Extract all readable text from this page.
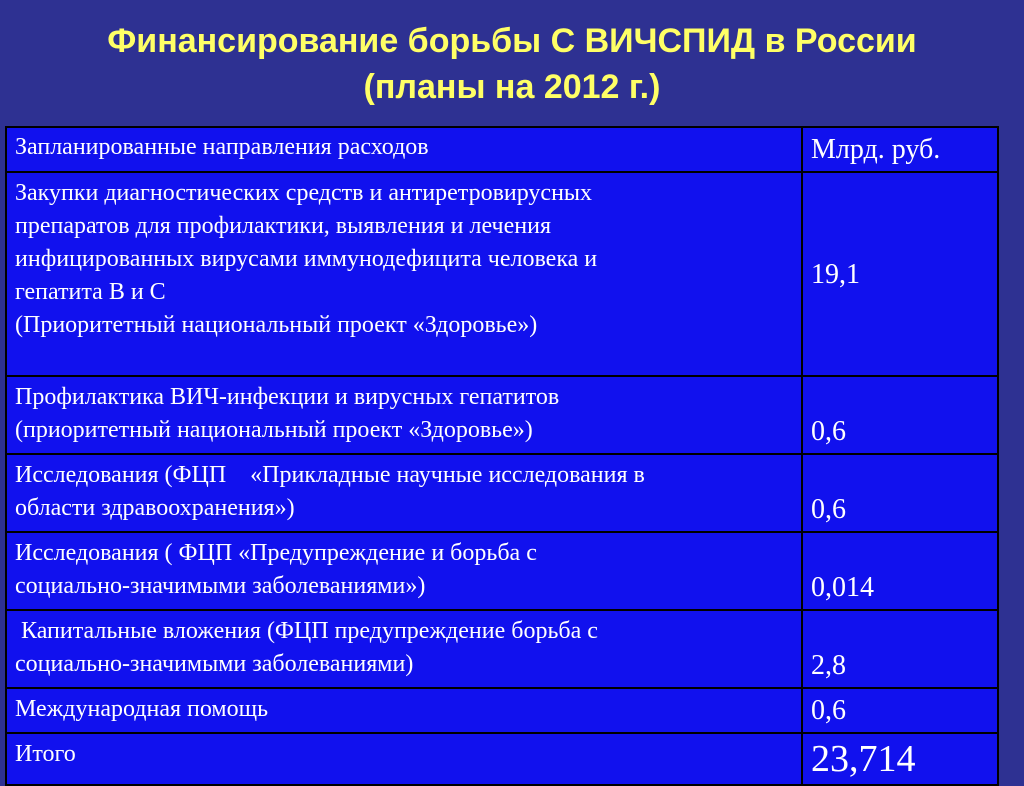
Финансирование борьбы С ВИЧСПИД в России
(планы на 2012 г.)
Запланированные направления расходов	Млрд. руб.

Закупки диагностических средств и антиретровирусных
препаратов для профилактики, выявления и лечения
инфицированных вирусами иммунодефицита человека и
гепатита В и С
(Приоритетный национальный проект «Здоровье»)	19,1

Профилактика ВИЧ-инфекции и вирусных гепатитов
(приоритетный национальный проект «Здоровье»)	0,6

Исследования (ФЦП    «Прикладные научные исследования в
области здравоохранения»)	0,6

Исследования ( ФЦП «Предупреждение и борьба с
социально-значимыми заболеваниями»)	0,014

Капитальные вложения (ФЦП предупреждение борьба с
социально-значимыми заболеваниями)	2,8

Международная помощь	0,6

Итого	23,714
